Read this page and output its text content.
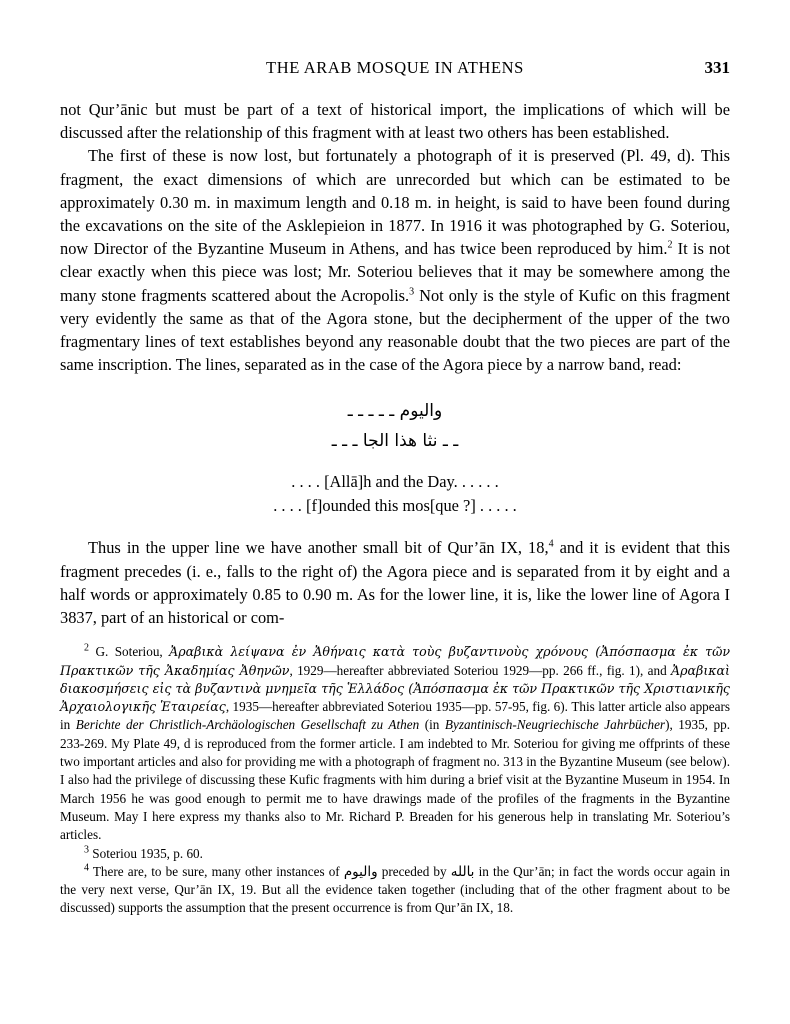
THE ARAB MOSQUE IN ATHENS	331

not Qur’ānic but must be part of a text of historical import, the implications of which will be discussed after the relationship of this fragment with at least two others has been established.

The first of these is now lost, but fortunately a photograph of it is preserved (Pl. 49, d). This fragment, the exact dimensions of which are unrecorded but which can be estimated to be approximately 0.30 m. in maximum length and 0.18 m. in height, is said to have been found during the excavations on the site of the Asklepieion in 1877. In 1916 it was photographed by G. Soteriou, now Director of the Byzantine Museum in Athens, and has twice been reproduced by him.$^2$ It is not clear exactly when this piece was lost; Mr. Soteriou believes that it may be somewhere among the many stone fragments scattered about the Acropolis.$^3$ Not only is the style of Kufic on this fragment very evidently the same as that of the Agora stone, but the decipherment of the upper of the two fragmentary lines of text establishes beyond any reasonable doubt that the two pieces are part of the same inscription. The lines, separated as in the case of the Agora piece by a narrow band, read:

واليوم ـ ـ ـ ـ ـ
ـ ـ نثا هذا الجا ـ ـ ـ
. . . . [Allā]h and the Day. . . . . .
. . . . [f]ounded this mos[que ?] . . . . .

Thus in the upper line we have another small bit of Qur’ān IX, 18,$^4$ and it is evident that this fragment precedes (i. e., falls to the right of) the Agora piece and is separated from it by eight and a half words or approximately 0.85 to 0.90 m. As for the lower line, it is, like the lower line of Agora I 3837, part of an historical or com-

$^2$ G. Soteriou, Ἀραβικὰ λείψανα ἐν Ἀθήναις κατὰ τοὺς βυζαντινοὺς χρόνους (Ἀπόσπασμα ἐκ τῶν Πρακτικῶν τῆς Ἀκαδημίας Ἀθηνῶν, 1929—hereafter abbreviated Soteriou 1929—pp. 266 ff., fig. 1), and Ἀραβικαὶ διακοσμήσεις εἰς τὰ βυζαντινὰ μνημεῖα τῆς Ἑλλάδος (Ἀπόσπασμα ἐκ τῶν Πρακτικῶν τῆς Χριστιανικῆς Ἀρχαιολογικῆς Ἑταιρείας, 1935—hereafter abbreviated Soteriou 1935—pp. 57-95, fig. 6). This latter article also appears in Berichte der Christlich-Archäologischen Gesellschaft zu Athen (in Byzantinisch-Neugriechische Jahrbücher), 1935, pp. 233-269. My Plate 49, d is reproduced from the former article. I am indebted to Mr. Soteriou for giving me offprints of these two important articles and also for providing me with a photograph of fragment no. 313 in the Byzantine Museum (see below). I also had the privilege of discussing these Kufic fragments with him during a brief visit at the Byzantine Museum in 1954. In March 1956 he was good enough to permit me to have drawings made of the profiles of the fragments in the Byzantine Museum. May I here express my thanks also to Mr. Richard P. Breaden for his generous help in translating Mr. Soteriou’s articles.

$^3$ Soteriou 1935, p. 60.

$^4$ There are, to be sure, many other instances of واليوم preceded by بالله in the Qur’ān; in fact the words occur again in the very next verse, Qur’ān IX, 19. But all the evidence taken together (including that of the other fragment about to be discussed) supports the assumption that the present occurrence is from Qur’ān IX, 18.
